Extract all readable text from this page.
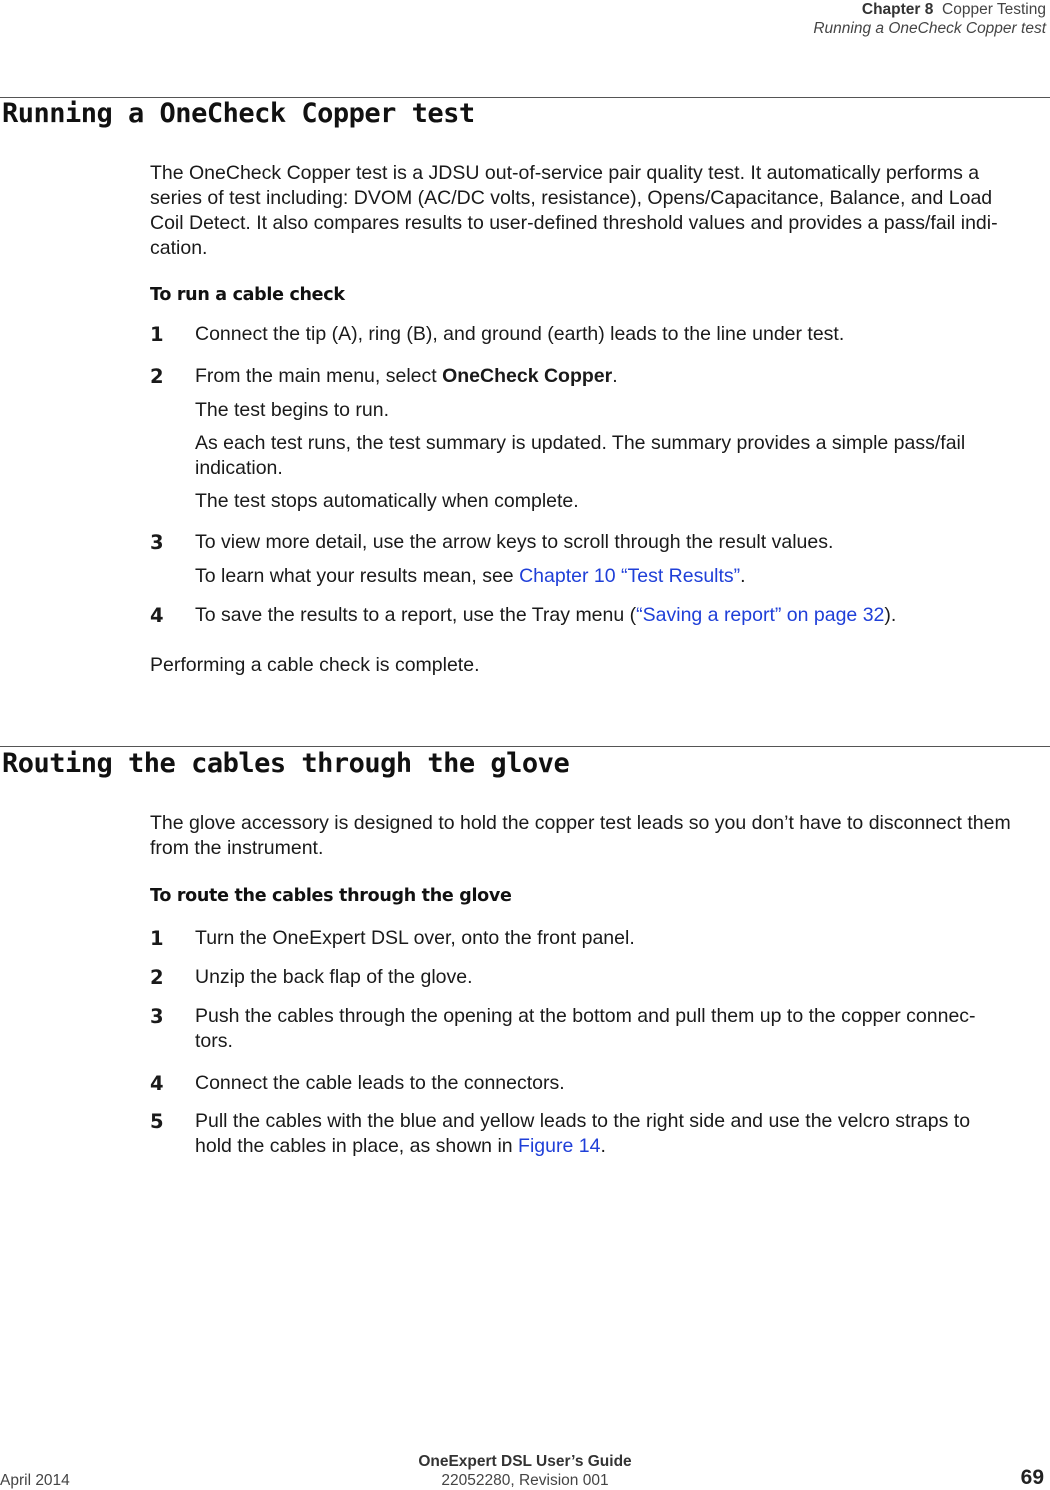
Chapter 8 Copper Testing
Running a OneCheck Copper test
Running a OneCheck Copper test
The OneCheck Copper test is a JDSU out-of-service pair quality test. It automatically performs a
series of test including: DVOM (AC/DC volts, resistance), Opens/Capacitance, Balance, and Load
Coil Detect. It also compares results to user-defined threshold values and provides a pass/fail indi-
cation.
To run a cable check
1 Connect the tip (A), ring (B), and ground (earth) leads to the line under test.
2 From the main menu, select OneCheck Copper.
The test begins to run.
As each test runs, the test summary is updated. The summary provides a simple pass/fail
indication.
The test stops automatically when complete.
3 To view more detail, use the arrow keys to scroll through the result values.
To learn what your results mean, see Chapter 10 “Test Results”.
4 To save the results to a report, use the Tray menu (“Saving a report” on page 32).
Performing a cable check is complete.
Routing the cables through the glove
The glove accessory is designed to hold the copper test leads so you don’t have to disconnect them
from the instrument.
To route the cables through the glove
1 Turn the OneExpert DSL over, onto the front panel.
2 Unzip the back flap of the glove.
3 Push the cables through the opening at the bottom and pull them up to the copper connec-
tors.
4 Connect the cable leads to the connectors.
5 Pull the cables with the blue and yellow leads to the right side and use the velcro straps to
hold the cables in place, as shown in Figure 14.
OneExpert DSL User’s Guide
22052280, Revision 001
April 2014	69
